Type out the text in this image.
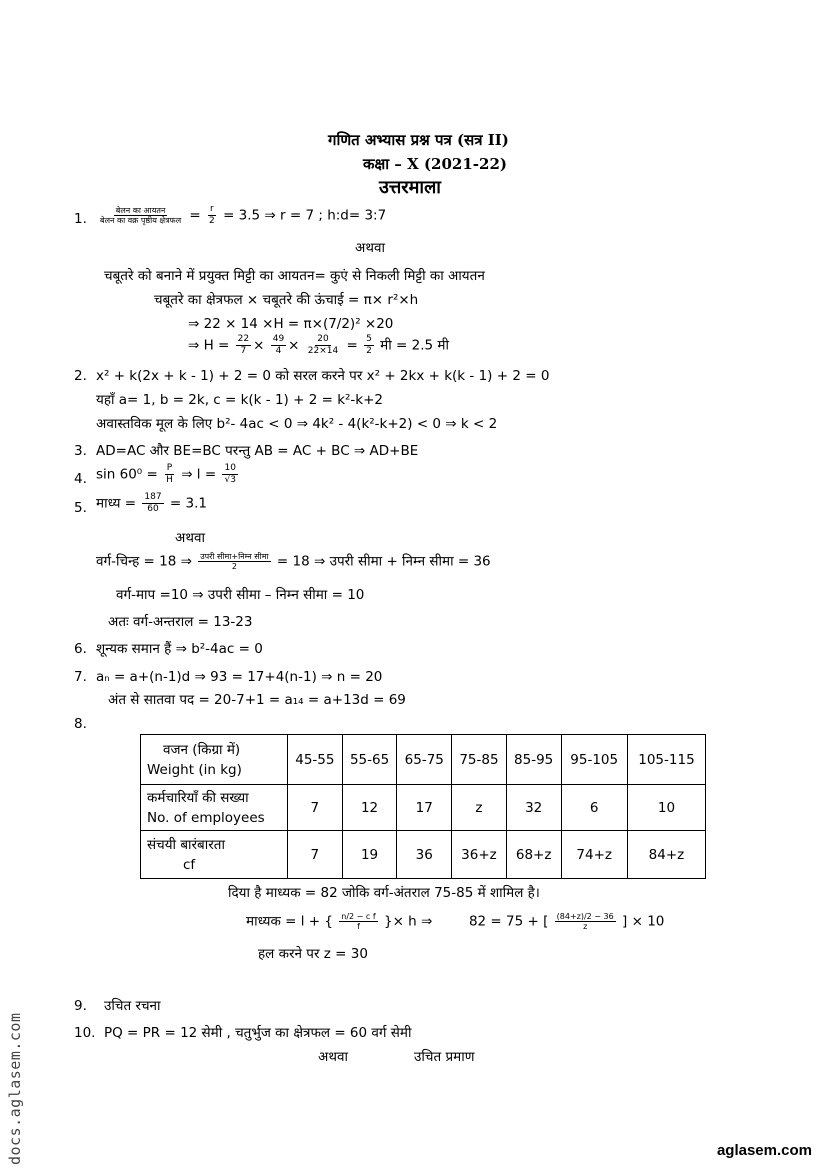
गणित अभ्यास प्रश्न पत्र (सत्र II)
कक्षा – X (2021-22)
उत्तरमाला
1. $\frac{\text{बेलन का आयतन}}{\text{बेलन का वक्र पृष्ठीय क्षेत्रफल}} = \frac{r}{2} = 3.5$ ⇒ r = 7 ; h:d= 3:7
अथवा
चबूतरे को बनाने में प्रयुक्त मिट्टी का आयतन= कुएं से निकली मिट्टी का आयतन
चबूतरे का क्षेत्रफल × चबूतरे की ऊंचाई = π× r²×h
⇒ 22 × 14 ×H = π×(7/2)² ×20
⇒ $H = \frac{22}{7} \times \frac{49}{4} \times \frac{20}{22\times 14} = \frac{5}{2}$ मी = 2.5 मी
2. x² + k(2x + k - 1) + 2 = 0 को सरल करने पर x² + 2kx + k(k - 1) + 2 = 0
यहाँ a= 1, b = 2k, c = k(k - 1) + 2 = k²-k+2
अवास्तविक मूल के लिए b²- 4ac < 0 ⇒ 4k² - 4(k²-k+2) < 0 ⇒ k < 2
3. AD=AC और BE=BC परन्तु AB = AC + BC ⇒ AD+BE
4. $\sin 60^0 = \frac{P}{H}$ ⇒ $l = \frac{10}{√3}$
5. माध्य = $\frac{187}{60} = 3.1$
अथवा
वर्ग-चिन्ह = 18 ⇒ $\frac{\text{उपरी सीमा+निम्न सीमा}}{2} = 18$ ⇒ उपरी सीमा + निम्न सीमा = 36
वर्ग-माप =10 ⇒ उपरी सीमा – निम्न सीमा = 10
अतः वर्ग-अन्तराल = 13-23
6. शून्यक समान हैं ⇒ b²-4ac = 0
7. aₙ = a+(n-1)d ⇒ 93 = 17+4(n-1) ⇒ n = 20
अंत से सातवा पद = 20-7+1 = a₁₄ = a+13d = 69
8.
वजन (किग्रा में)
Weight (in kg)	45-55	55-65	65-75	75-85	85-95	95-105	105-115

कर्मचारियाँ की सख्या
No. of employees	7	12	17	z	32	6	10

संचयी बारंबारता
cf	7	19	36	36+z	68+z	74+z	84+z
दिया है माध्यक = 82 जोकि वर्ग-अंतराल 75-85 में शामिल है।
माध्यक = l + { $\frac{\text{n/2 − c f}}{f}$ }× h ⇒	82 = 75 + [ $\frac{(84+z)/2 - 36}{z}$ ] × 10
हल करने पर z = 30
9. उचित रचना
10. PQ = PR = 12 सेमी , चतुर्भुज का क्षेत्रफल = 60 वर्ग सेमी
अथवा	उचित प्रमाण
docs.aglasem.com	aglasem.com
